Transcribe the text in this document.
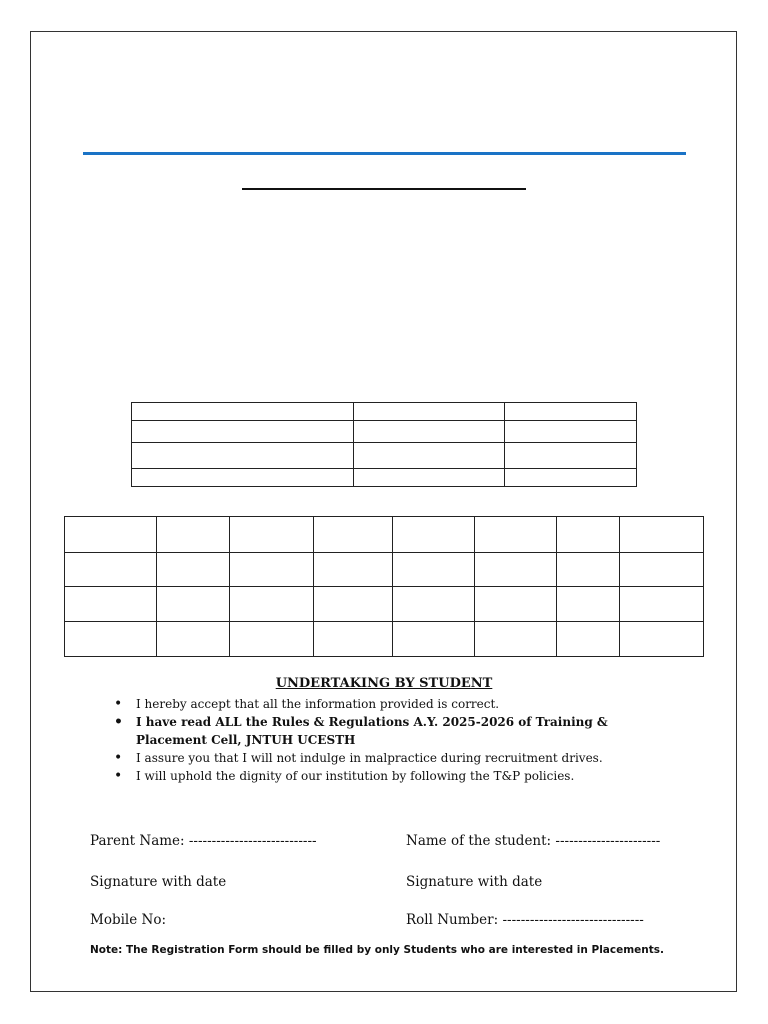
UNDERTAKING BY STUDENT
• I hereby accept that all the information provided is correct.
• I have read ALL the Rules & Regulations A.Y. 2025-2026 of Training & Placement Cell, JNTUH UCESTH
• I assure you that I will not indulge in malpractice during recruitment drives.
• I will uphold the dignity of our institution by following the T&P policies.
Parent Name: ----------------------------	Name of the student: -----------------------
Signature with date	Signature with date
Mobile No:	Roll Number: -------------------------------
Note: The Registration Form should be filled by only Students who are interested in Placements.
